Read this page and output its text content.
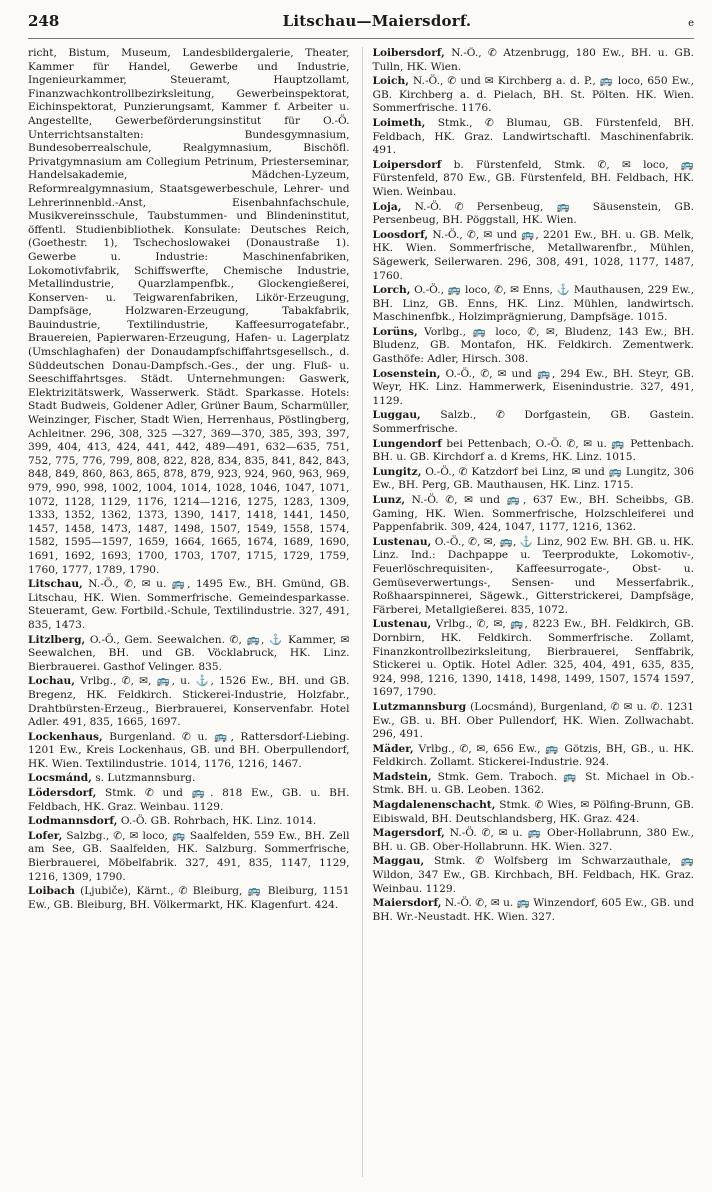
248	Litschau—Maiersdorf.	e
richt, Bistum, Museum, Landesbildergalerie, Theater, Kammer für Handel, Gewerbe und Industrie, Ingenieurkammer, Steueramt, Hauptzollamt, Finanzwachkontrollbezirksleitung, Gewerbeinspektorat, Eichinspektorat, Punzierungsamt, Kammer f. Arbeiter u. Angestellte, Gewerbeförderungsinstitut für O.-Ö. Unterrichtsanstalten: Bundesgymnasium, Bundesoberrealschule, Realgymnasium, Bischöfl. Privatgymnasium am Collegium Petrinum, Priesterseminar, Handelsakademie, Mädchen-Lyzeum, Reformrealgymnasium, Staatsgewerbeschule, Lehrer- und Lehrerinnenbld.-Anst, Eisenbahnfachschule, Musikvereinsschule, Taubstummen- und Blindeninstitut, öffentl. Studienbibliothek. Konsulate: Deutsches Reich, (Goethestr. 1), Tschechoslowakei (Donaustraße 1). Gewerbe u. Industrie: Maschinenfabriken, Lokomotivfabrik, Schiffswerfte, Chemische Industrie, Metallindustrie, Quarzlampenfbk., Glockengießerei, Konserven- u. Teigwarenfabriken, Likör-Erzeugung, Dampfsäge, Holzwaren-Erzeugung, Tabakfabrik, Bauindustrie, Textilindustrie, Kaffeesurrogatefabr., Brauereien, Papierwaren-Erzeugung, Hafen- u. Lagerplatz (Umschlaghafen) der Donaudampfschiffahrtsgesellsch., d. Süddeutschen Donau-Dampfsch.-Ges., der ung. Fluß- u. Seeschiffahrtsges. Städt. Unternehmungen: Gaswerk, Elektrizitätswerk, Wasserwerk. Städt. Sparkasse. Hotels: Stadt Budweis, Goldener Adler, Grüner Baum, Scharmüller, Weinzinger, Fischer, Stadt Wien, Herrenhaus, Pöstlingberg, Achleitner. 296, 308, 325 —327, 369—370, 385, 393, 397, 399, 404, 413, 424, 441, 442, 489—491, 632—635, 751, 752, 775, 776, 799, 808, 822, 828, 834, 835, 841, 842, 843, 848, 849, 860, 863, 865, 878, 879, 923, 924, 960, 963, 969, 979, 990, 998, 1002, 1004, 1014, 1028, 1046, 1047, 1071, 1072, 1128, 1129, 1176, 1214—1216, 1275, 1283, 1309, 1333, 1352, 1362, 1373, 1390, 1417, 1418, 1441, 1450, 1457, 1458, 1473, 1487, 1498, 1507, 1549, 1558, 1574, 1582, 1595—1597, 1659, 1664, 1665, 1674, 1689, 1690, 1691, 1692, 1693, 1700, 1703, 1707, 1715, 1729, 1759, 1760, 1777, 1789, 1790.
Litschau, N.-Ö., ✆, ✉ u. 🚌, 1495 Ew., BH. Gmünd, GB. Litschau, HK. Wien. Sommerfrische. Gemeindesparkasse. Steueramt, Gew. Fortbild.-Schule, Textilindustrie. 327, 491, 835, 1473.
Litzlberg, O.-Ö., Gem. Seewalchen. ✆, 🚌, ⚓ Kammer, ✉ Seewalchen, BH. und GB. Vöcklabruck, HK. Linz. Bierbrauerei. Gasthof Velinger. 835.
Lochau, Vrlbg., ✆, ✉, 🚌, u. ⚓, 1526 Ew., BH. und GB. Bregenz, HK. Feldkirch. Stickerei-Industrie, Holzfabr., Drahtbürsten-Erzeug., Bierbrauerei, Konservenfabr. Hotel Adler. 491, 835, 1665, 1697.
Lockenhaus, Burgenland. ✆ u. 🚌, Rattersdorf-Liebing. 1201 Ew., Kreis Lockenhaus, GB. und BH. Oberpullendorf, HK. Wien. Textilindustrie. 1014, 1176, 1216, 1467.
Locsmánd, s. Lutzmannsburg.
Lödersdorf, Stmk. ✆ und 🚌. 818 Ew., GB. u. BH. Feldbach, HK. Graz. Weinbau. 1129.
Lodmannsdorf, O.-Ö. GB. Rohrbach, HK. Linz. 1014.
Lofer, Salzbg., ✆, ✉ loco, 🚌 Saalfelden, 559 Ew., BH. Zell am See, GB. Saalfelden, HK. Salzburg. Sommerfrische, Bierbrauerei, Möbelfabrik. 327, 491, 835, 1147, 1129, 1216, 1309, 1790.
Loibach (Ljubiče), Kärnt., ✆ Bleiburg, 🚌 Bleiburg, 1151 Ew., GB. Bleiburg, BH. Völkermarkt, HK. Klagenfurt. 424.
Loibersdorf, N.-Ö., ✆ Atzenbrugg, 180 Ew., BH. u. GB. Tulln, HK. Wien.
Loich, N.-Ö., ✆ und ✉ Kirchberg a. d. P., 🚌 loco, 650 Ew., GB. Kirchberg a. d. Pielach, BH. St. Pölten. HK. Wien. Sommerfrische. 1176.
Loimeth, Stmk., ✆ Blumau, GB. Fürstenfeld, BH. Feldbach, HK. Graz. Landwirtschaftl. Maschinenfabrik. 491.
Loipersdorf b. Fürstenfeld, Stmk. ✆, ✉ loco, 🚌 Fürstenfeld, 870 Ew., GB. Fürstenfeld, BH. Feldbach, HK. Wien. Weinbau.
Loja, N.-Ö. ✆ Persenbeug, 🚌 Säusenstein, GB. Persenbeug, BH. Pöggstall, HK. Wien.
Loosdorf, N.-Ö., ✆, ✉ und 🚌, 2201 Ew., BH. u. GB. Melk, HK. Wien. Sommerfrische, Metallwarenfbr., Mühlen, Sägewerk, Seilerwaren. 296, 308, 491, 1028, 1177, 1487, 1760.
Lorch, O.-Ö., 🚌 loco, ✆, ✉ Enns, ⚓ Mauthausen, 229 Ew., BH. Linz, GB. Enns, HK. Linz. Mühlen, landwirtsch. Maschinenfbk., Holzimprägnierung, Dampfsäge. 1015.
Lorüns, Vorlbg., 🚌 loco, ✆, ✉, Bludenz, 143 Ew., BH. Bludenz, GB. Montafon, HK. Feldkirch. Zementwerk. Gasthöfe: Adler, Hirsch. 308.
Losenstein, O.-Ö., ✆, ✉ und 🚌, 294 Ew., BH. Steyr, GB. Weyr, HK. Linz. Hammerwerk, Eisenindustrie. 327, 491, 1129.
Luggau, Salzb., ✆ Dorfgastein, GB. Gastein. Sommerfrische.
Lungendorf bei Pettenbach, O.-Ö. ✆, ✉ u. 🚌 Pettenbach. BH. u. GB. Kirchdorf a. d Krems, HK. Linz. 1015.
Lungitz, O.-Ö., ✆ Katzdorf bei Linz, ✉ und 🚌 Lungitz, 306 Ew., BH. Perg, GB. Mauthausen, HK. Linz. 1715.
Lunz, N.-Ö. ✆, ✉ und 🚌, 637 Ew., BH. Scheibbs, GB. Gaming, HK. Wien. Sommerfrische, Holzschleiferei und Pappenfabrik. 309, 424, 1047, 1177, 1216, 1362.
Lustenau, O.-Ö., ✆, ✉, 🚌, ⚓ Linz, 902 Ew. BH. GB. u. HK. Linz. Ind.: Dachpappe u. Teerprodukte, Lokomotiv-, Feuerlöschrequisiten-, Kaffeesurrogate-, Obst- u. Gemüseverwertungs-, Sensen- und Messerfabrik., Roßhaarspinnerei, Sägewk., Gitterstrickerei, Dampfsäge, Färberei, Metallgießerei. 835, 1072.
Lustenau, Vrlbg., ✆, ✉, 🚌, 8223 Ew., BH. Feldkirch, GB. Dornbirn, HK. Feldkirch. Sommerfrische. Zollamt, Finanzkontrollbezirksleitung, Bierbrauerei, Senffabrik, Stickerei u. Optik. Hotel Adler. 325, 404, 491, 635, 835, 924, 998, 1216, 1390, 1418, 1498, 1499, 1507, 1574 1597, 1697, 1790.
Lutzmannsburg (Locsmánd), Burgenland, ✆ ✉ u. ✆. 1231 Ew., GB. u. BH. Ober Pullendorf, HK. Wien. Zollwachabt. 296, 491.
Mäder, Vrlbg., ✆, ✉, 656 Ew., 🚌 Götzis, BH, GB., u. HK. Feldkirch. Zollamt. Stickerei-Industrie. 924.
Madstein, Stmk. Gem. Traboch. 🚌 St. Michael in Ob.-Stmk. BH. u. GB. Leoben. 1362.
Magdalenenschacht, Stmk. ✆ Wies, ✉ Pölfing-Brunn, GB. Eibiswald, BH. Deutschlandsberg, HK. Graz. 424.
Magersdorf, N.-Ö. ✆, ✉ u. 🚌 Ober-Hollabrunn, 380 Ew., BH. u. GB. Ober-Hollabrunn. HK. Wien. 327.
Maggau, Stmk. ✆ Wolfsberg im Schwarzauthale, 🚌 Wildon, 347 Ew., GB. Kirchbach, BH. Feldbach, HK. Graz. Weinbau. 1129.
Maiersdorf, N.-Ö. ✆, ✉ u. 🚌 Winzendorf, 605 Ew., GB. und BH. Wr.-Neustadt. HK. Wien. 327.
